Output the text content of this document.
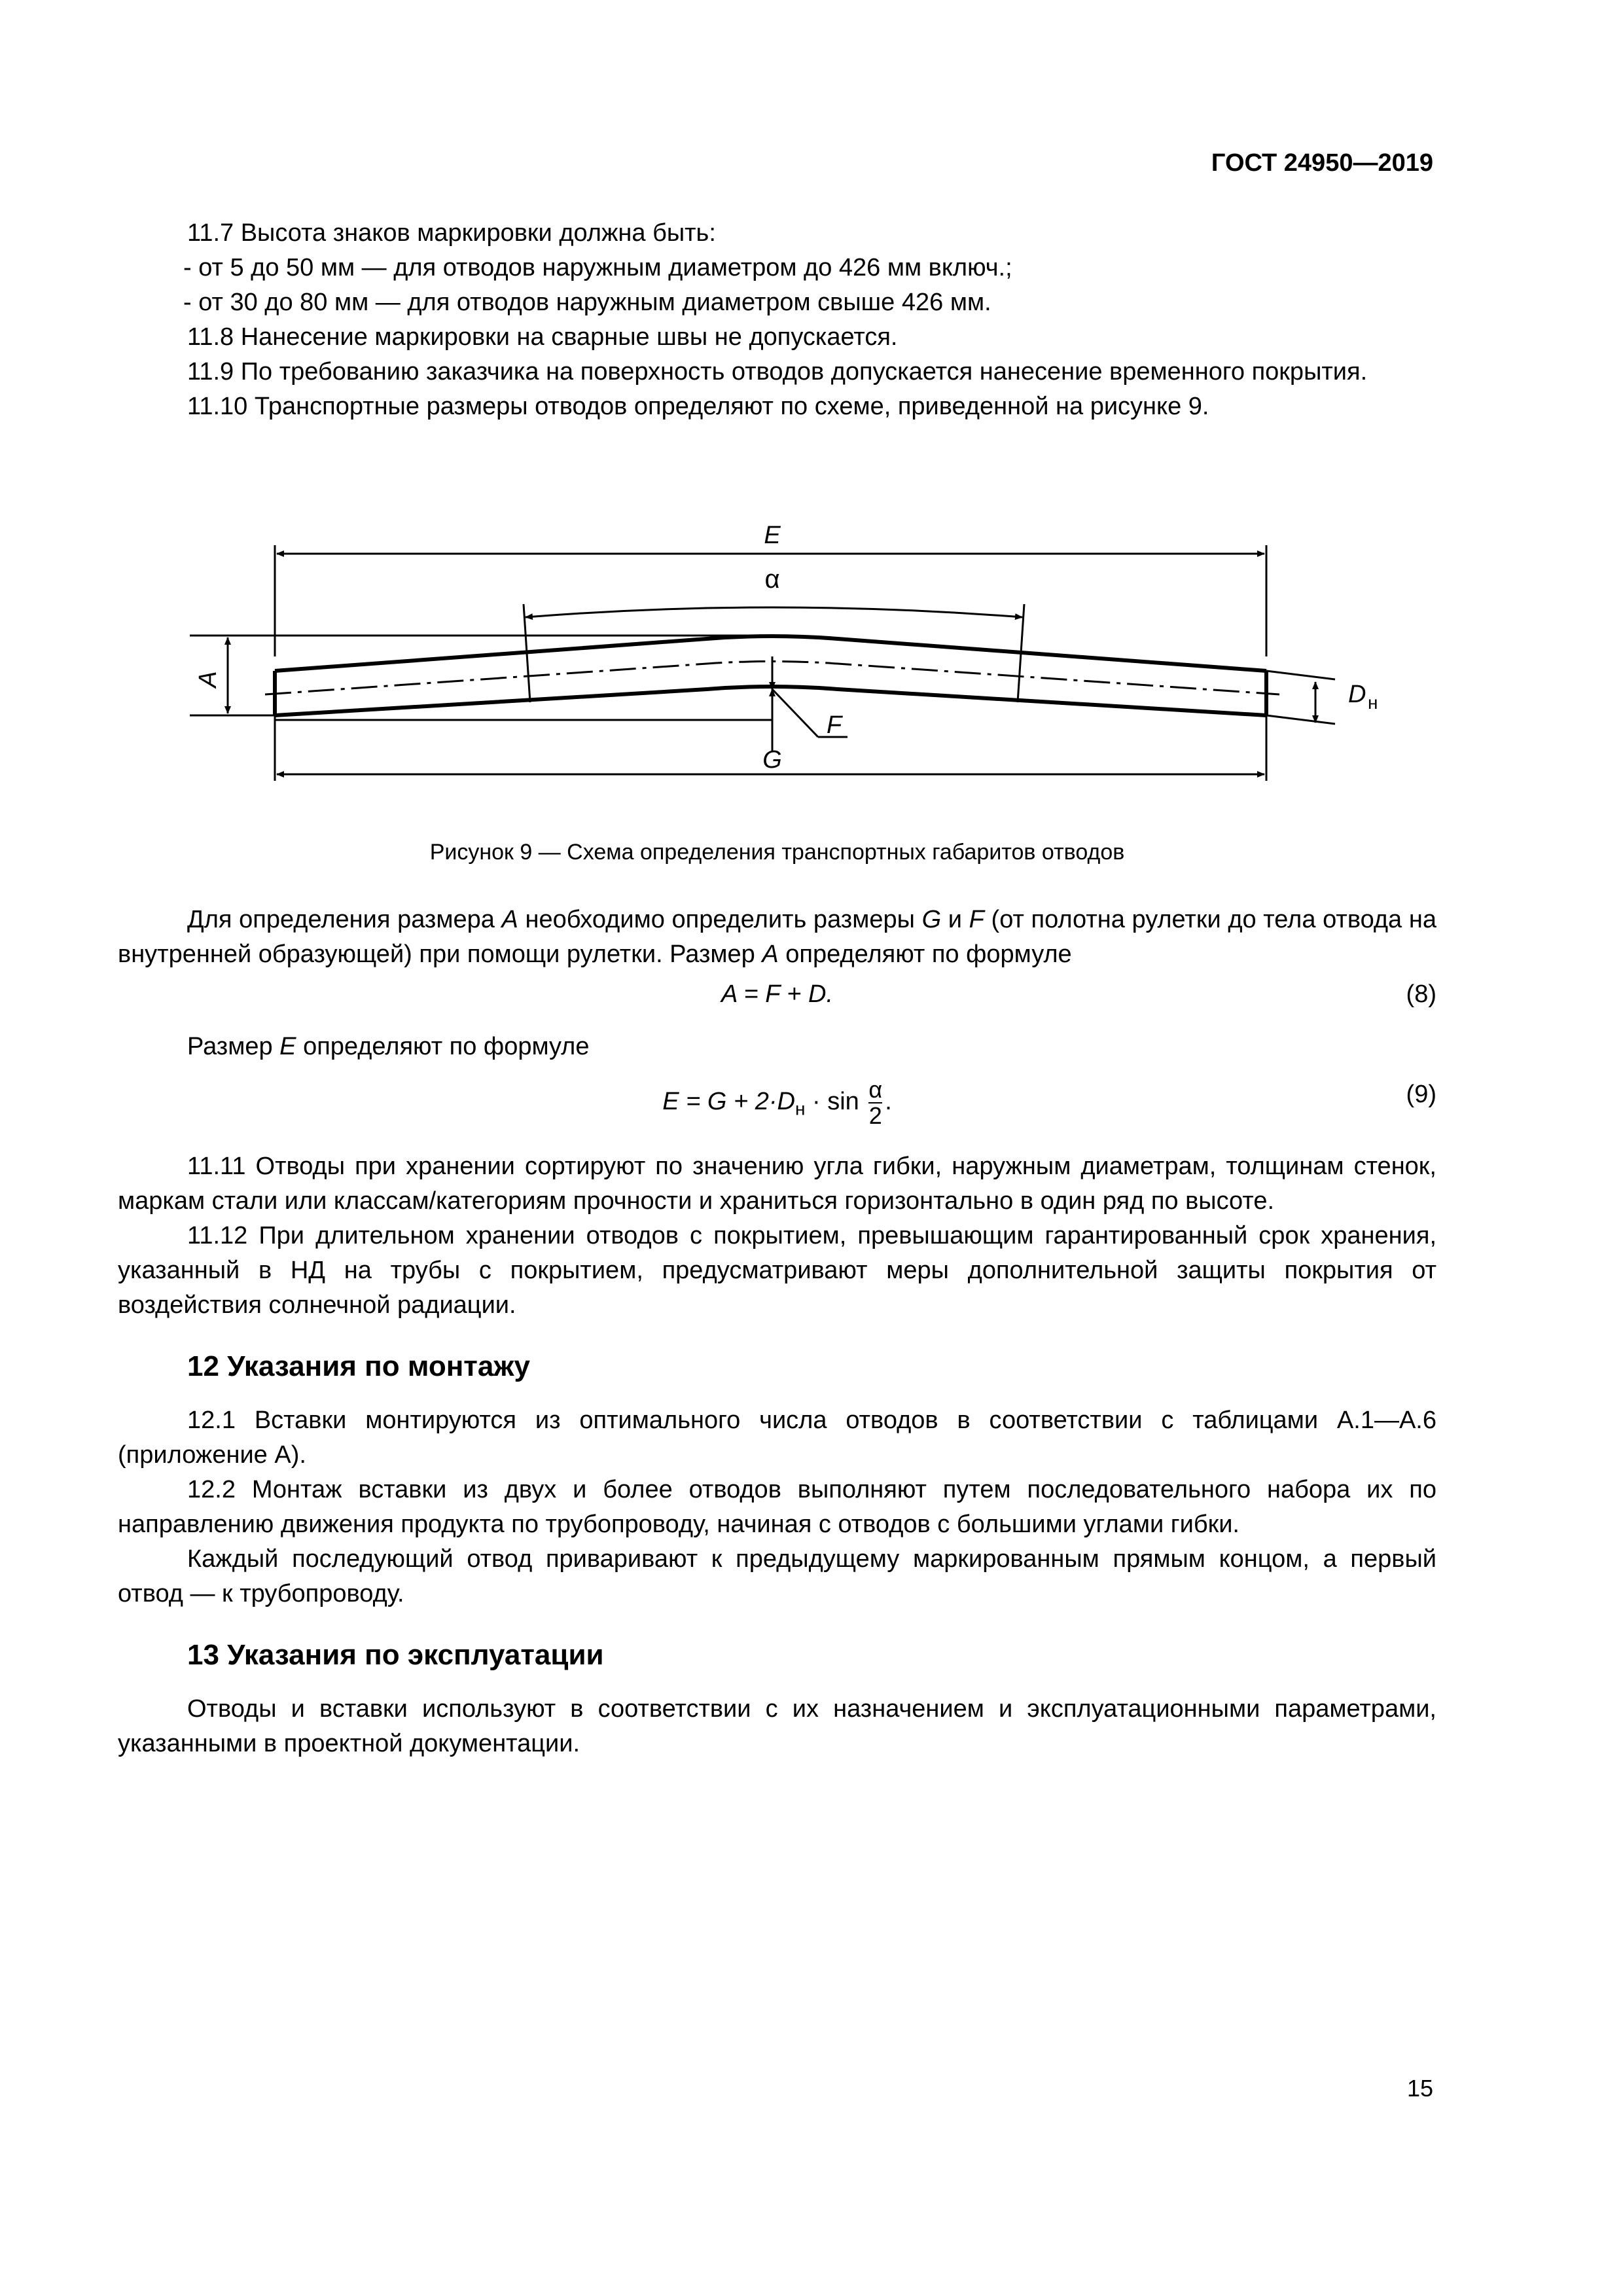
ГОСТ 24950—2019

11.7 Высота знаков маркировки должна быть:

- от 5 до 50 мм — для отводов наружным диаметром до 426 мм включ.;

- от 30 до 80 мм — для отводов наружным диаметром свыше 426 мм.

11.8 Нанесение маркировки на сварные швы не допускается.

11.9 По требованию заказчика на поверхность отводов допускается нанесение временного покрытия.

11.10 Транспортные размеры отводов определяют по схеме, приведенной на рисунке 9.

E
α
A
D н
F
G
Рисунок 9 — Схема определения транспортных габаритов отводов

Для определения размера A необходимо определить размеры G и F (от полотна рулетки до тела отвода на внутренней образующей) при помощи рулетки. Размер A определяют по формуле

A = F + D.	(8)

Размер E определяют по формуле

$E = G + 2\cdot D_н \cdot \sin \frac{\alpha}{2}$ .	(9)

11.11 Отводы при хранении сортируют по значению угла гибки, наружным диаметрам, толщинам стенок, маркам стали или классам/категориям прочности и храниться горизонтально в один ряд по высоте.

11.12 При длительном хранении отводов с покрытием, превышающим гарантированный срок хранения, указанный в НД на трубы с покрытием, предусматривают меры дополнительной защиты покрытия от воздействия солнечной радиации.

12 Указания по монтажу

12.1 Вставки монтируются из оптимального числа отводов в соответствии с таблицами А.1—А.6 (приложение А).

12.2 Монтаж вставки из двух и более отводов выполняют путем последовательного набора их по направлению движения продукта по трубопроводу, начиная с отводов с большими углами гибки.

Каждый последующий отвод приваривают к предыдущему маркированным прямым концом, а первый отвод — к трубопроводу.

13 Указания по эксплуатации

Отводы и вставки используют в соответствии с их назначением и эксплуатационными параметрами, указанными в проектной документации.

15
